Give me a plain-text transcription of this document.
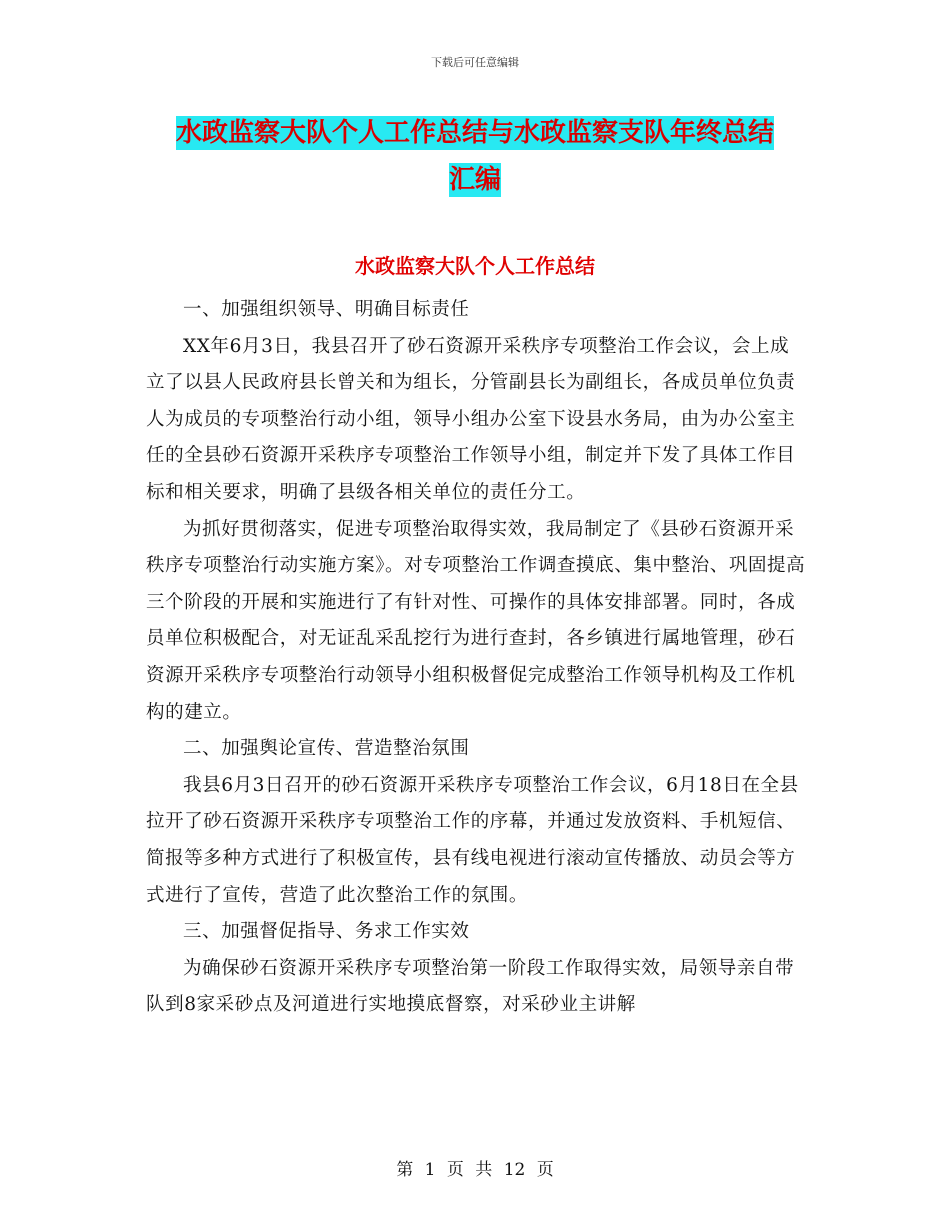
下载后可任意编辑
水政监察大队个人工作总结与水政监察支队年终总结
汇编
水政监察大队个人工作总结

一、加强组织领导、明确目标责任

XX年6月3日，我县召开了砂石资源开采秩序专项整治工作会议，会上成立了以县人民政府县长曾关和为组长，分管副县长为副组长，各成员单位负责人为成员的专项整治行动小组，领导小组办公室下设县水务局，由为办公室主任的全县砂石资源开采秩序专项整治工作领导小组，制定并下发了具体工作目标和相关要求，明确了县级各相关单位的责任分工。

为抓好贯彻落实，促进专项整治取得实效，我局制定了《县砂石资源开采秩序专项整治行动实施方案》。对专项整治工作调查摸底、集中整治、巩固提高三个阶段的开展和实施进行了有针对性、可操作的具体安排部署。同时，各成员单位积极配合，对无证乱采乱挖行为进行查封，各乡镇进行属地管理，砂石资源开采秩序专项整治行动领导小组积极督促完成整治工作领导机构及工作机构的建立。

二、加强舆论宣传、营造整治氛围

我县6月3日召开的砂石资源开采秩序专项整治工作会议，6月18日在全县拉开了砂石资源开采秩序专项整治工作的序幕，并通过发放资料、手机短信、简报等多种方式进行了积极宣传，县有线电视进行滚动宣传播放、动员会等方式进行了宣传，营造了此次整治工作的氛围。

三、加强督促指导、务求工作实效

为确保砂石资源开采秩序专项整治第一阶段工作取得实效，局领导亲自带队到8家采砂点及河道进行实地摸底督察，对采砂业主讲解

第 1 页 共 12 页
